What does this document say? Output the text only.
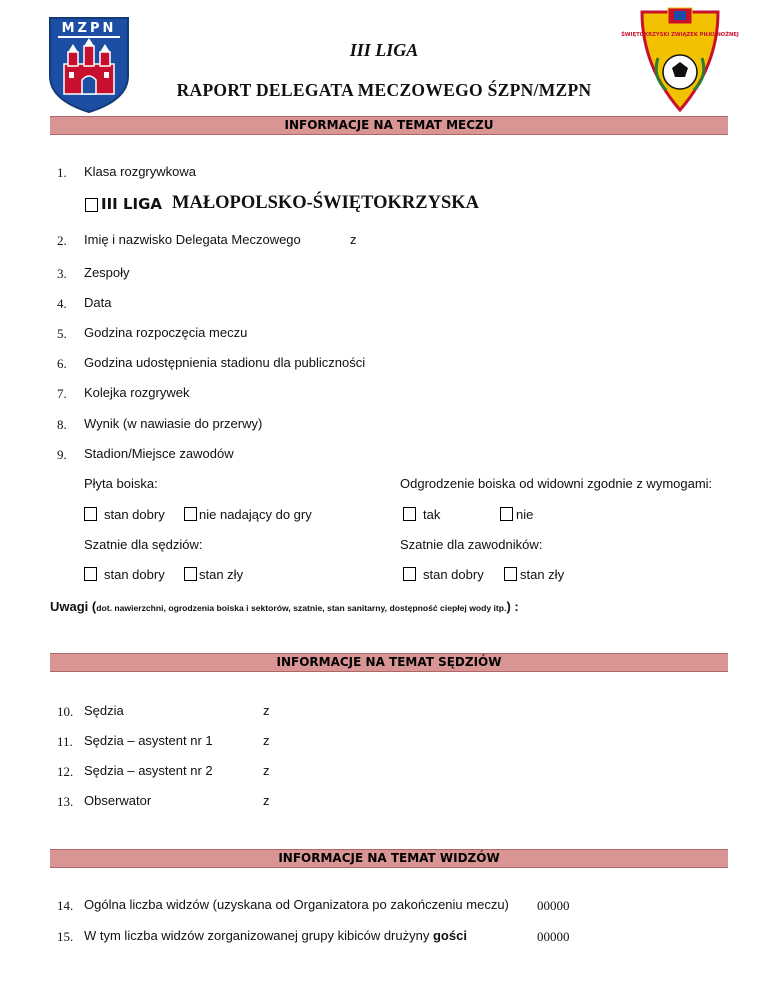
MZPN	ŚWIĘTOKRZYSKI ZWIĄZEK PIŁKI NOŻNEJ
III LIGA
RAPORT DELEGATA MECZOWEGO ŚZPN/MZPN
INFORMACJE NA TEMAT MECZU
1. Klasa rozgrywkowa
III LIGA MAŁOPOLSKO-ŚWIĘTOKRZYSKA
2. Imię i nazwisko Delegata Meczowego	z
3. Zespoły
4. Data
5. Godzina rozpoczęcia meczu
6. Godzina udostępnienia stadionu dla publiczności
7. Kolejka rozgrywek
8. Wynik (w nawiasie do przerwy)
9. Stadion/Miejsce zawodów
Płyta boiska:	Odgrodzenie boiska od widowni zgodnie z wymogami:
stan dobry	nie nadający do gry	tak	nie
Szatnie dla sędziów:	Szatnie dla zawodników:
stan dobry	stan zły	stan dobry	stan zły
Uwagi (dot. nawierzchni, ogrodzenia boiska i sektorów, szatnie, stan sanitarny, dostępność ciepłej wody itp.) :
INFORMACJE NA TEMAT SĘDZIÓW
10. Sędzia	z
11. Sędzia – asystent nr 1	z
12. Sędzia – asystent nr 2	z
13. Obserwator	z
INFORMACJE NA TEMAT WIDZÓW
14. Ogólna liczba widzów (uzyskana od Organizatora po zakończeniu meczu) 00000
15. W tym liczba widzów zorganizowanej grupy kibiców drużyny gości	00000
